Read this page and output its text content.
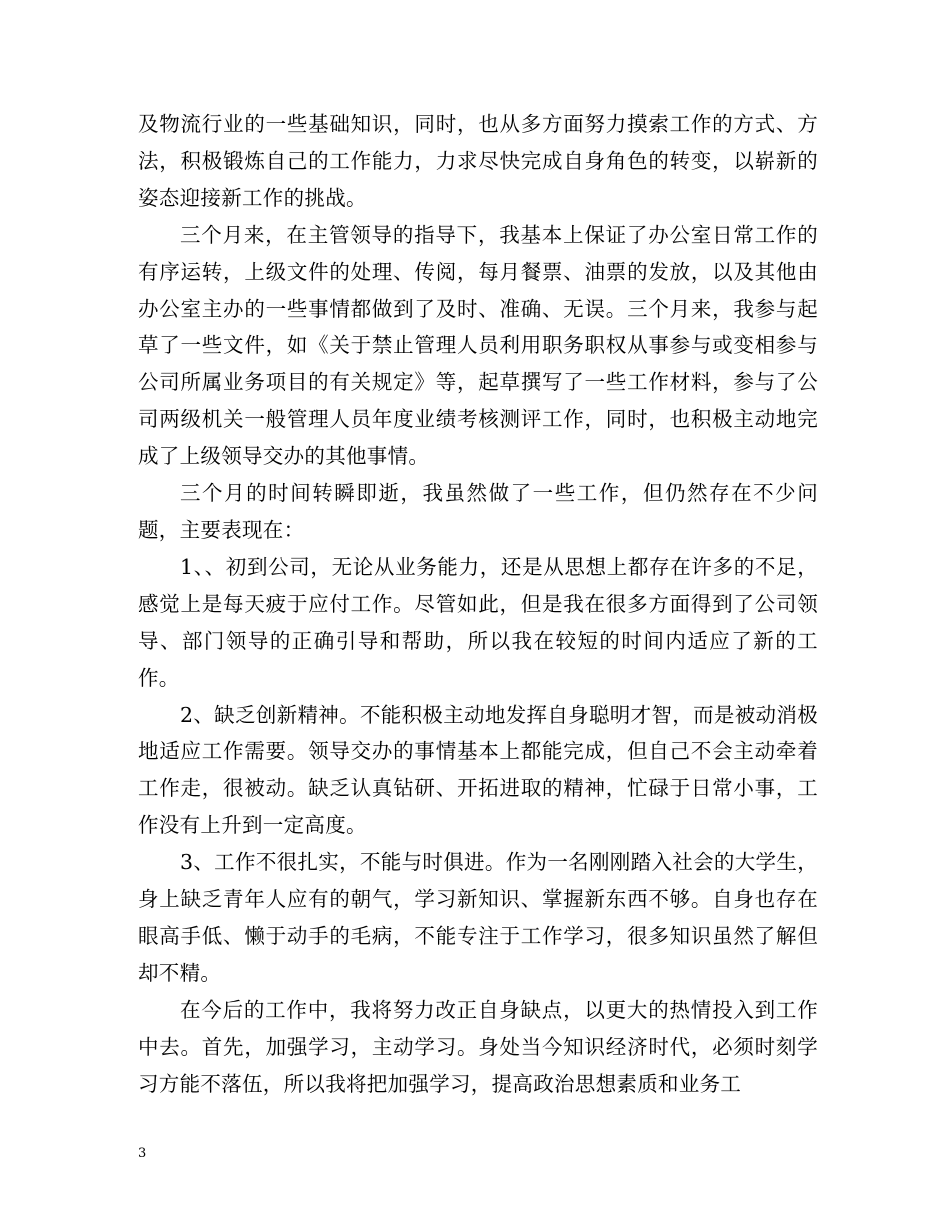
及物流行业的一些基础知识，同时，也从多方面努力摸索工作的方式、方法，积极锻炼自己的工作能力，力求尽快完成自身角色的转变，以崭新的姿态迎接新工作的挑战。

三个月来，在主管领导的指导下，我基本上保证了办公室日常工作的有序运转，上级文件的处理、传阅，每月餐票、油票的发放，以及其他由办公室主办的一些事情都做到了及时、准确、无误。三个月来，我参与起草了一些文件，如《关于禁止管理人员利用职务职权从事参与或变相参与公司所属业务项目的有关规定》等，起草撰写了一些工作材料，参与了公司两级机关一般管理人员年度业绩考核测评工作，同时，也积极主动地完成了上级领导交办的其他事情。

三个月的时间转瞬即逝，我虽然做了一些工作，但仍然存在不少问题，主要表现在：

1、、初到公司，无论从业务能力，还是从思想上都存在许多的不足，感觉上是每天疲于应付工作。尽管如此，但是我在很多方面得到了公司领导、部门领导的正确引导和帮助，所以我在较短的时间内适应了新的工作。

2、缺乏创新精神。不能积极主动地发挥自身聪明才智，而是被动消极地适应工作需要。领导交办的事情基本上都能完成，但自己不会主动牵着工作走，很被动。缺乏认真钻研、开拓进取的精神，忙碌于日常小事，工作没有上升到一定高度。

3、工作不很扎实，不能与时俱进。作为一名刚刚踏入社会的大学生，身上缺乏青年人应有的朝气，学习新知识、掌握新东西不够。自身也存在眼高手低、懒于动手的毛病，不能专注于工作学习，很多知识虽然了解但却不精。

在今后的工作中，我将努力改正自身缺点，以更大的热情投入到工作中去。首先，加强学习，主动学习。身处当今知识经济时代，必须时刻学习方能不落伍，所以我将把加强学习，提高政治思想素质和业务工

3
